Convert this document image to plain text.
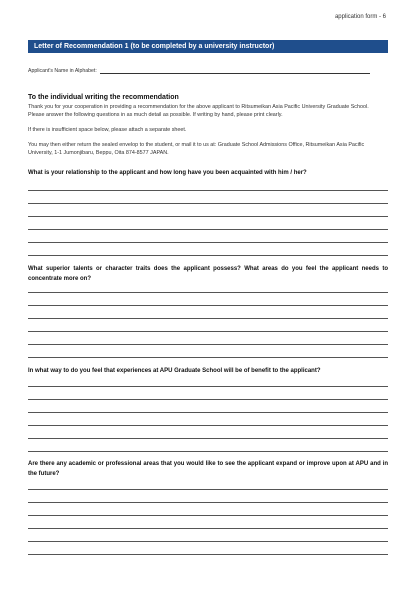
application form - 6
Letter of Recommendation 1 (to be completed by a university instructor)
Applicant's Name in Alphabet:
To the individual writing the recommendation
Thank you for your cooperation in providing a recommendation for the above applicant to Ritsumeikan Asia Pacific University Graduate School. Please answer the following questions in as much detail as possible. If writing by hand, please print clearly.
If there is insufficient space below, please attach a separate sheet.
You may then either return the sealed envelop to the student, or mail it to us at: Graduate School Admissions Office, Ritsumeikan Asia Pacific University, 1-1 Jumonjibaru, Beppu, Oita 874-8577 JAPAN.
What is your relationship to the applicant and how long have you been acquainted with him / her?
What superior talents or character traits does the applicant possess? What areas do you feel the applicant needs to concentrate more on?
In what way to do you feel that experiences at APU Graduate School will be of benefit to the applicant?
Are there any academic or professional areas that you would like to see the applicant expand or improve upon at APU and in the future?
